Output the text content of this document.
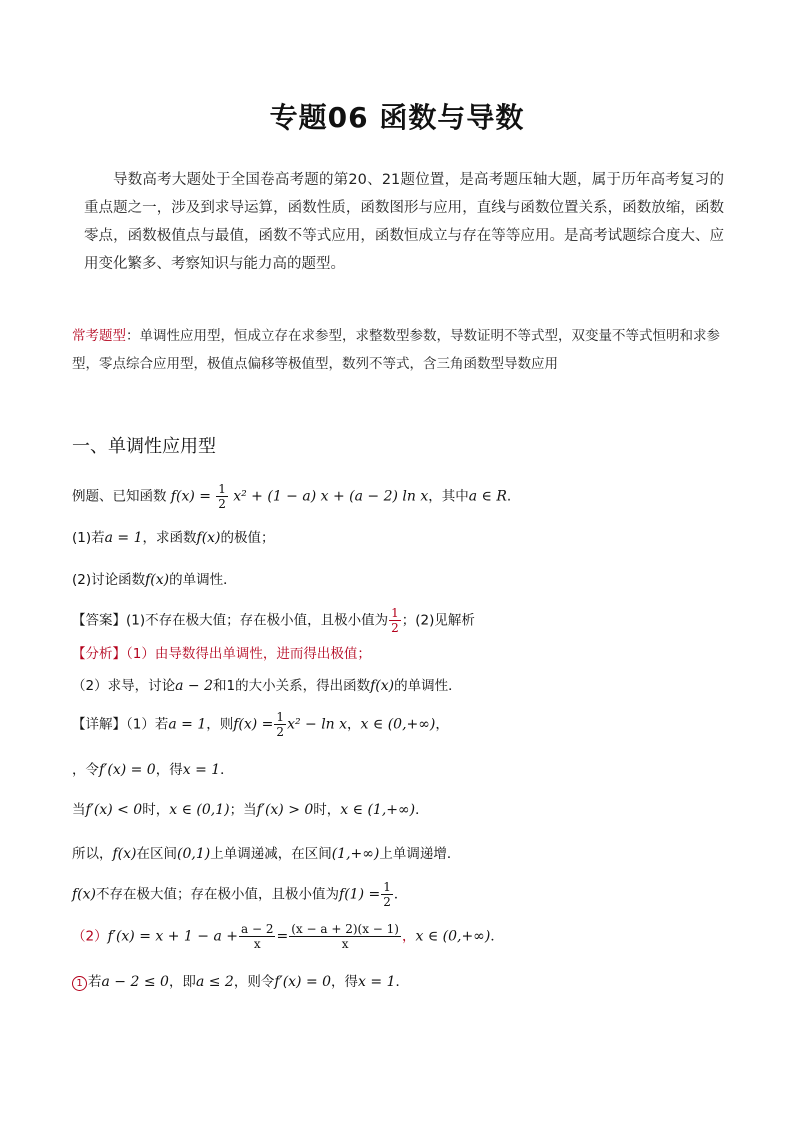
专题06 函数与导数
导数高考大题处于全国卷高考题的第20、21题位置，是高考题压轴大题，属于历年高考复习的重点题之一，涉及到求导运算，函数性质，函数图形与应用，直线与函数位置关系，函数放缩，函数零点，函数极值点与最值，函数不等式应用，函数恒成立与存在等等应用。是高考试题综合度大、应用变化繁多、考察知识与能力高的题型。
常考题型：单调性应用型，恒成立存在求参型，求整数型参数，导数证明不等式型，双变量不等式恒明和求参型，零点综合应用型，极值点偏移等极值型，数列不等式，含三角函数型导数应用
一、单调性应用型
例题、已知函数 $f(x) = \frac{1}{2} x^2 + (1 - a) x + (a - 2)$ ln x，其中a ∈ R.
(1)若a = 1，求函数f(x)的极值；
(2)讨论函数f(x)的单调性．
【答案】(1)不存在极大值；存在极小值，且极小值为 $\frac{1}{2}$ ；(2)见解析
【分析】（1）由导数得出单调性，进而得出极值；
（2）求导，讨论a − 2和1的大小关系，得出函数f(x)的单调性．
【详解】（1）若a = 1，则$f(x) = \frac{1}{2} x^2 - \ln x$，x ∈ (0,+∞)，
，令f′(x) = 0，得x = 1．
当f′(x) < 0时，x ∈ (0,1)；当f′(x) > 0时，x ∈ (1,+∞)．
所以，f(x)在区间(0,1)上单调递减，在区间(1,+∞)上单调递增．
f(x)不存在极大值；存在极小值，且极小值为$f(1) = \frac{1}{2}$ ．
$(2)f'(x) = x + 1 - a + \frac{a - 2}{x} = \frac{(x - a + 2)(x - 1)}{x}$ ，x ∈ (0,+∞)．
1 若a − 2 ≤ 0，即a ≤ 2，则令f′(x) = 0，得x = 1．
